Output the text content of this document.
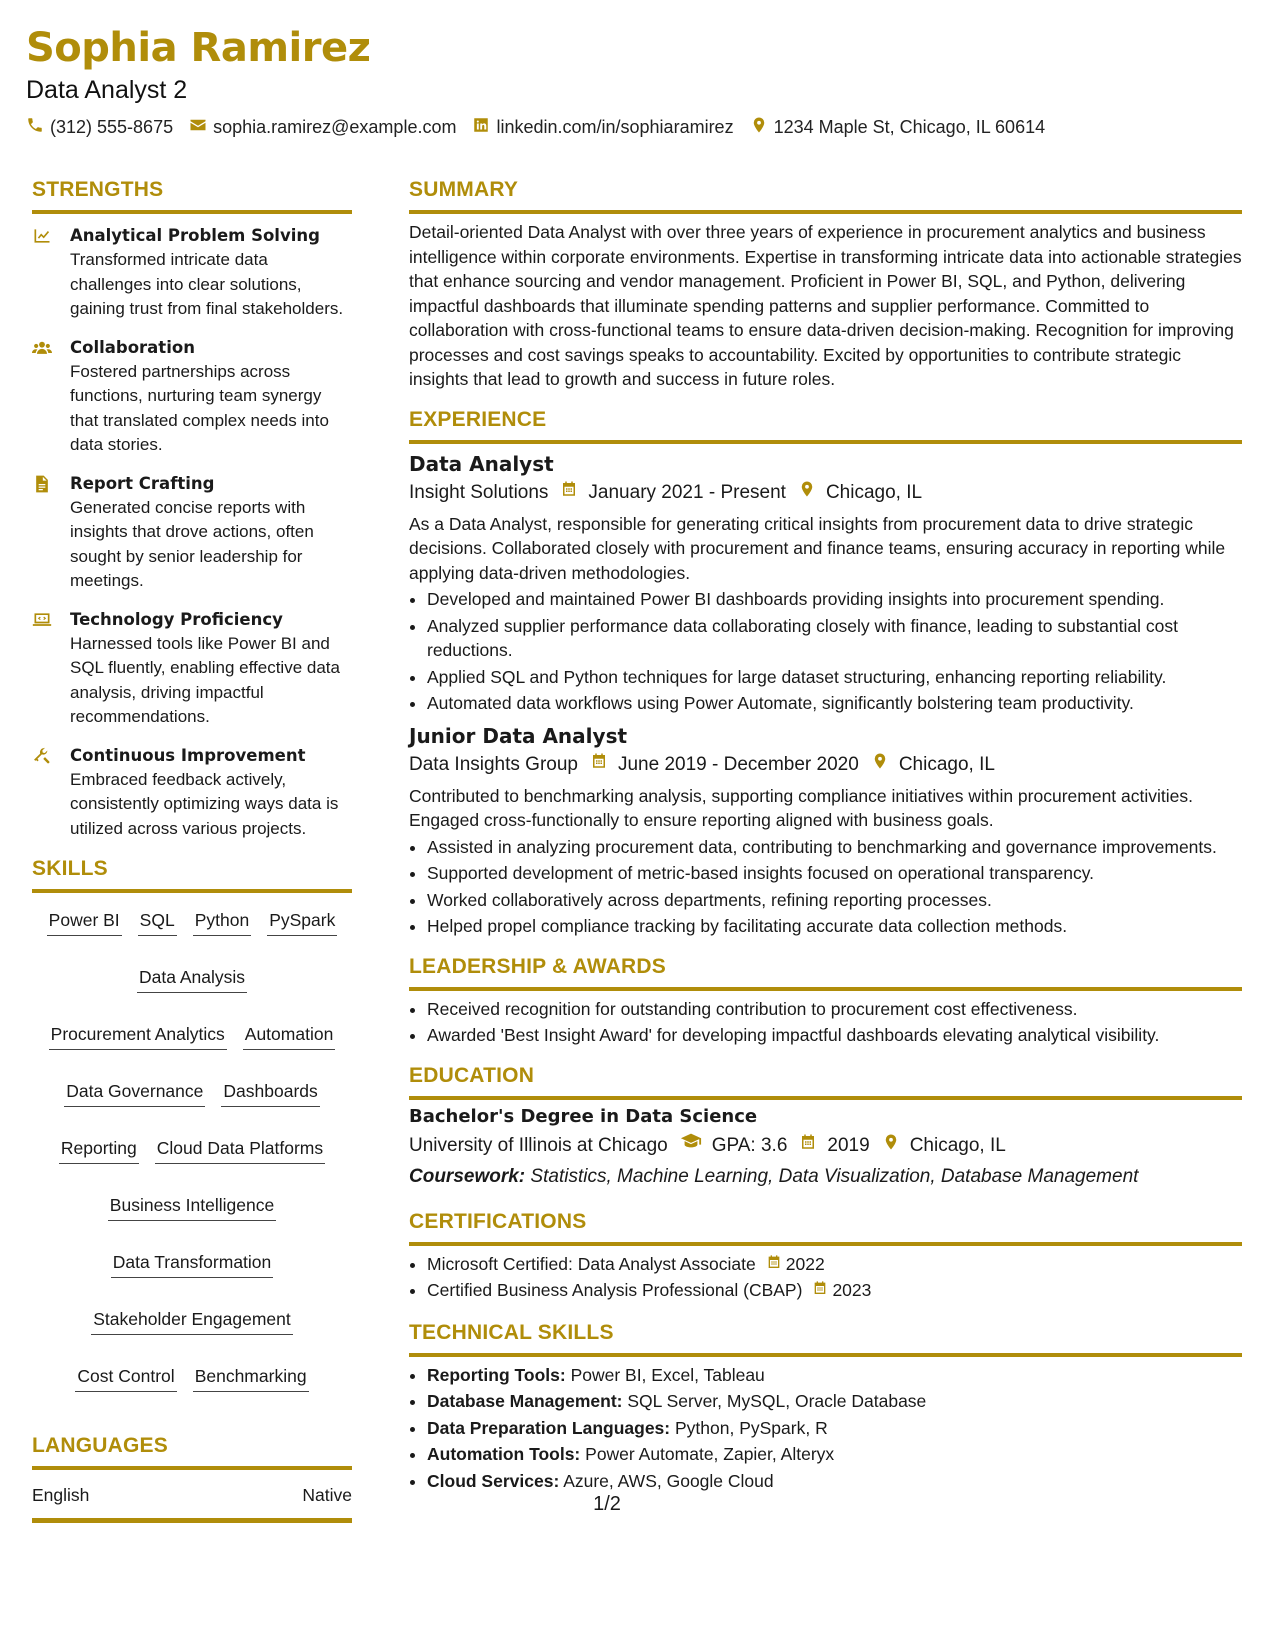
Sophia Ramirez
Data Analyst 2
(312) 555-8675 sophia.ramirez@example.com linkedin.com/in/sophiaramirez 1234 Maple St, Chicago, IL 60614
STRENGTHS
Analytical Problem Solving
Transformed intricate data challenges into clear solutions, gaining trust from final stakeholders.
Collaboration
Fostered partnerships across functions, nurturing team synergy that translated complex needs into data stories.
Report Crafting
Generated concise reports with insights that drove actions, often sought by senior leadership for meetings.
Technology Proficiency
Harnessed tools like Power BI and SQL fluently, enabling effective data analysis, driving impactful recommendations.
Continuous Improvement
Embraced feedback actively, consistently optimizing ways data is utilized across various projects.
SKILLS
Power BI SQL Python PySpark
Data Analysis
Procurement Analytics Automation
Data Governance Dashboards
Reporting Cloud Data Platforms
Business Intelligence
Data Transformation
Stakeholder Engagement
Cost Control Benchmarking
LANGUAGES
English	Native
SUMMARY
Detail-oriented Data Analyst with over three years of experience in procurement analytics and business intelligence within corporate environments. Expertise in transforming intricate data into actionable strategies that enhance sourcing and vendor management. Proficient in Power BI, SQL, and Python, delivering impactful dashboards that illuminate spending patterns and supplier performance. Committed to collaboration with cross-functional teams to ensure data-driven decision-making. Recognition for improving processes and cost savings speaks to accountability. Excited by opportunities to contribute strategic insights that lead to growth and success in future roles.
EXPERIENCE
Data Analyst
Insight Solutions January 2021 - Present Chicago, IL
As a Data Analyst, responsible for generating critical insights from procurement data to drive strategic decisions. Collaborated closely with procurement and finance teams, ensuring accuracy in reporting while applying data-driven methodologies.
• Developed and maintained Power BI dashboards providing insights into procurement spending.
• Analyzed supplier performance data collaborating closely with finance, leading to substantial cost reductions.
• Applied SQL and Python techniques for large dataset structuring, enhancing reporting reliability.
• Automated data workflows using Power Automate, significantly bolstering team productivity.
Junior Data Analyst
Data Insights Group June 2019 - December 2020 Chicago, IL
Contributed to benchmarking analysis, supporting compliance initiatives within procurement activities. Engaged cross-functionally to ensure reporting aligned with business goals.
• Assisted in analyzing procurement data, contributing to benchmarking and governance improvements.
• Supported development of metric-based insights focused on operational transparency.
• Worked collaboratively across departments, refining reporting processes.
• Helped propel compliance tracking by facilitating accurate data collection methods.
LEADERSHIP & AWARDS
• Received recognition for outstanding contribution to procurement cost effectiveness.
• Awarded 'Best Insight Award' for developing impactful dashboards elevating analytical visibility.
EDUCATION
Bachelor's Degree in Data Science
University of Illinois at Chicago GPA: 3.6 2019 Chicago, IL
Coursework: Statistics, Machine Learning, Data Visualization, Database Management
CERTIFICATIONS
• Microsoft Certified: Data Analyst Associate 2022
• Certified Business Analysis Professional (CBAP) 2023
TECHNICAL SKILLS
• Reporting Tools: Power BI, Excel, Tableau
• Database Management: SQL Server, MySQL, Oracle Database
• Data Preparation Languages: Python, PySpark, R
• Automation Tools: Power Automate, Zapier, Alteryx
• Cloud Services: Azure, AWS, Google Cloud
1/2
